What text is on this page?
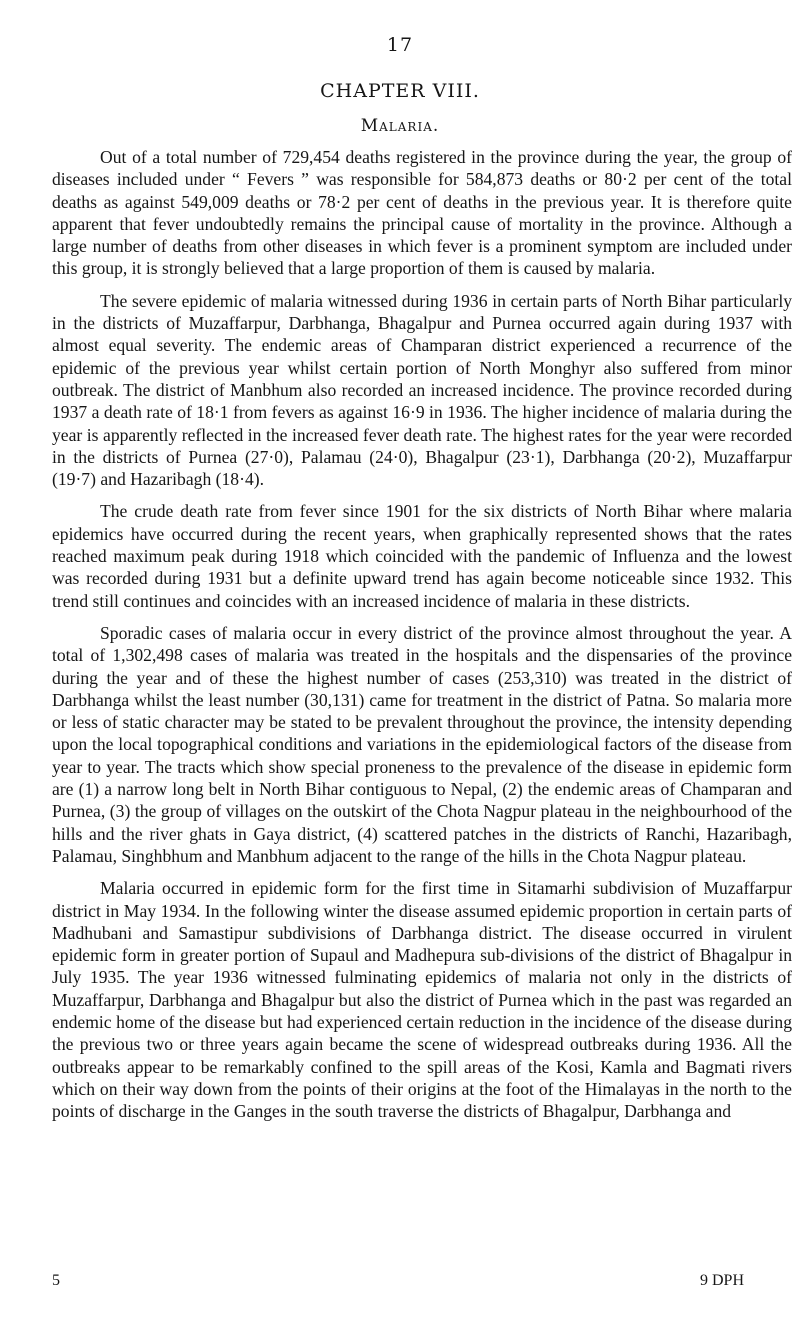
17
CHAPTER VIII.
Malaria.

Out of a total number of 729,454 deaths registered in the province during the year, the group of diseases included under “ Fevers ” was responsible for 584,873 deaths or 80·2 per cent of the total deaths as against 549,009 deaths or 78·2 per cent of deaths in the previous year. It is therefore quite apparent that fever undoubtedly remains the principal cause of mortality in the province. Although a large number of deaths from other diseases in which fever is a prominent symptom are included under this group, it is strongly believed that a large proportion of them is caused by malaria.

The severe epidemic of malaria witnessed during 1936 in certain parts of North Bihar particularly in the districts of Muzaffarpur, Darbhanga, Bhagalpur and Purnea occurred again during 1937 with almost equal severity. The endemic areas of Champaran district experienced a recurrence of the epidemic of the previous year whilst certain portion of North Monghyr also suffered from minor outbreak. The district of Manbhum also recorded an increased incidence. The province recorded during 1937 a death rate of 18·1 from fevers as against 16·9 in 1936. The higher incidence of malaria during the year is apparently reflected in the increased fever death rate. The highest rates for the year were recorded in the districts of Purnea (27·0), Palamau (24·0), Bhagalpur (23·1), Darbhanga (20·2), Muzaffarpur (19·7) and Hazaribagh (18·4).

The crude death rate from fever since 1901 for the six districts of North Bihar where malaria epidemics have occurred during the recent years, when graphically represented shows that the rates reached maximum peak during 1918 which coincided with the pandemic of Influenza and the lowest was recorded during 1931 but a definite upward trend has again become noticeable since 1932. This trend still continues and coincides with an increased incidence of malaria in these districts.

Sporadic cases of malaria occur in every district of the province almost throughout the year. A total of 1,302,498 cases of malaria was treated in the hospitals and the dispensaries of the province during the year and of these the highest number of cases (253,310) was treated in the district of Darbhanga whilst the least number (30,131) came for treatment in the district of Patna. So malaria more or less of static character may be stated to be prevalent throughout the province, the intensity depending upon the local topographical conditions and variations in the epidemiological factors of the disease from year to year. The tracts which show special proneness to the prevalence of the disease in epidemic form are (1) a narrow long belt in North Bihar contiguous to Nepal, (2) the endemic areas of Champaran and Purnea, (3) the group of villages on the outskirt of the Chota Nagpur plateau in the neighbourhood of the hills and the river ghats in Gaya district, (4) scattered patches in the districts of Ranchi, Hazaribagh, Palamau, Singhbhum and Manbhum adjacent to the range of the hills in the Chota Nagpur plateau.

Malaria occurred in epidemic form for the first time in Sitamarhi subdivision of Muzaffarpur district in May 1934. In the following winter the disease assumed epidemic proportion in certain parts of Madhubani and Samastipur subdivisions of Darbhanga district. The disease occurred in virulent epidemic form in greater portion of Supaul and Madhepura sub-divisions of the district of Bhagalpur in July 1935. The year 1936 witnessed fulminating epidemics of malaria not only in the districts of Muzaffarpur, Darbhanga and Bhagalpur but also the district of Purnea which in the past was regarded an endemic home of the disease but had experienced certain reduction in the incidence of the disease during the previous two or three years again became the scene of widespread outbreaks during 1936. All the outbreaks appear to be remarkably confined to the spill areas of the Kosi, Kamla and Bagmati rivers which on their way down from the points of their origins at the foot of the Himalayas in the north to the points of discharge in the Ganges in the south traverse the districts of Bhagalpur, Darbhanga and

5	9 DPH
